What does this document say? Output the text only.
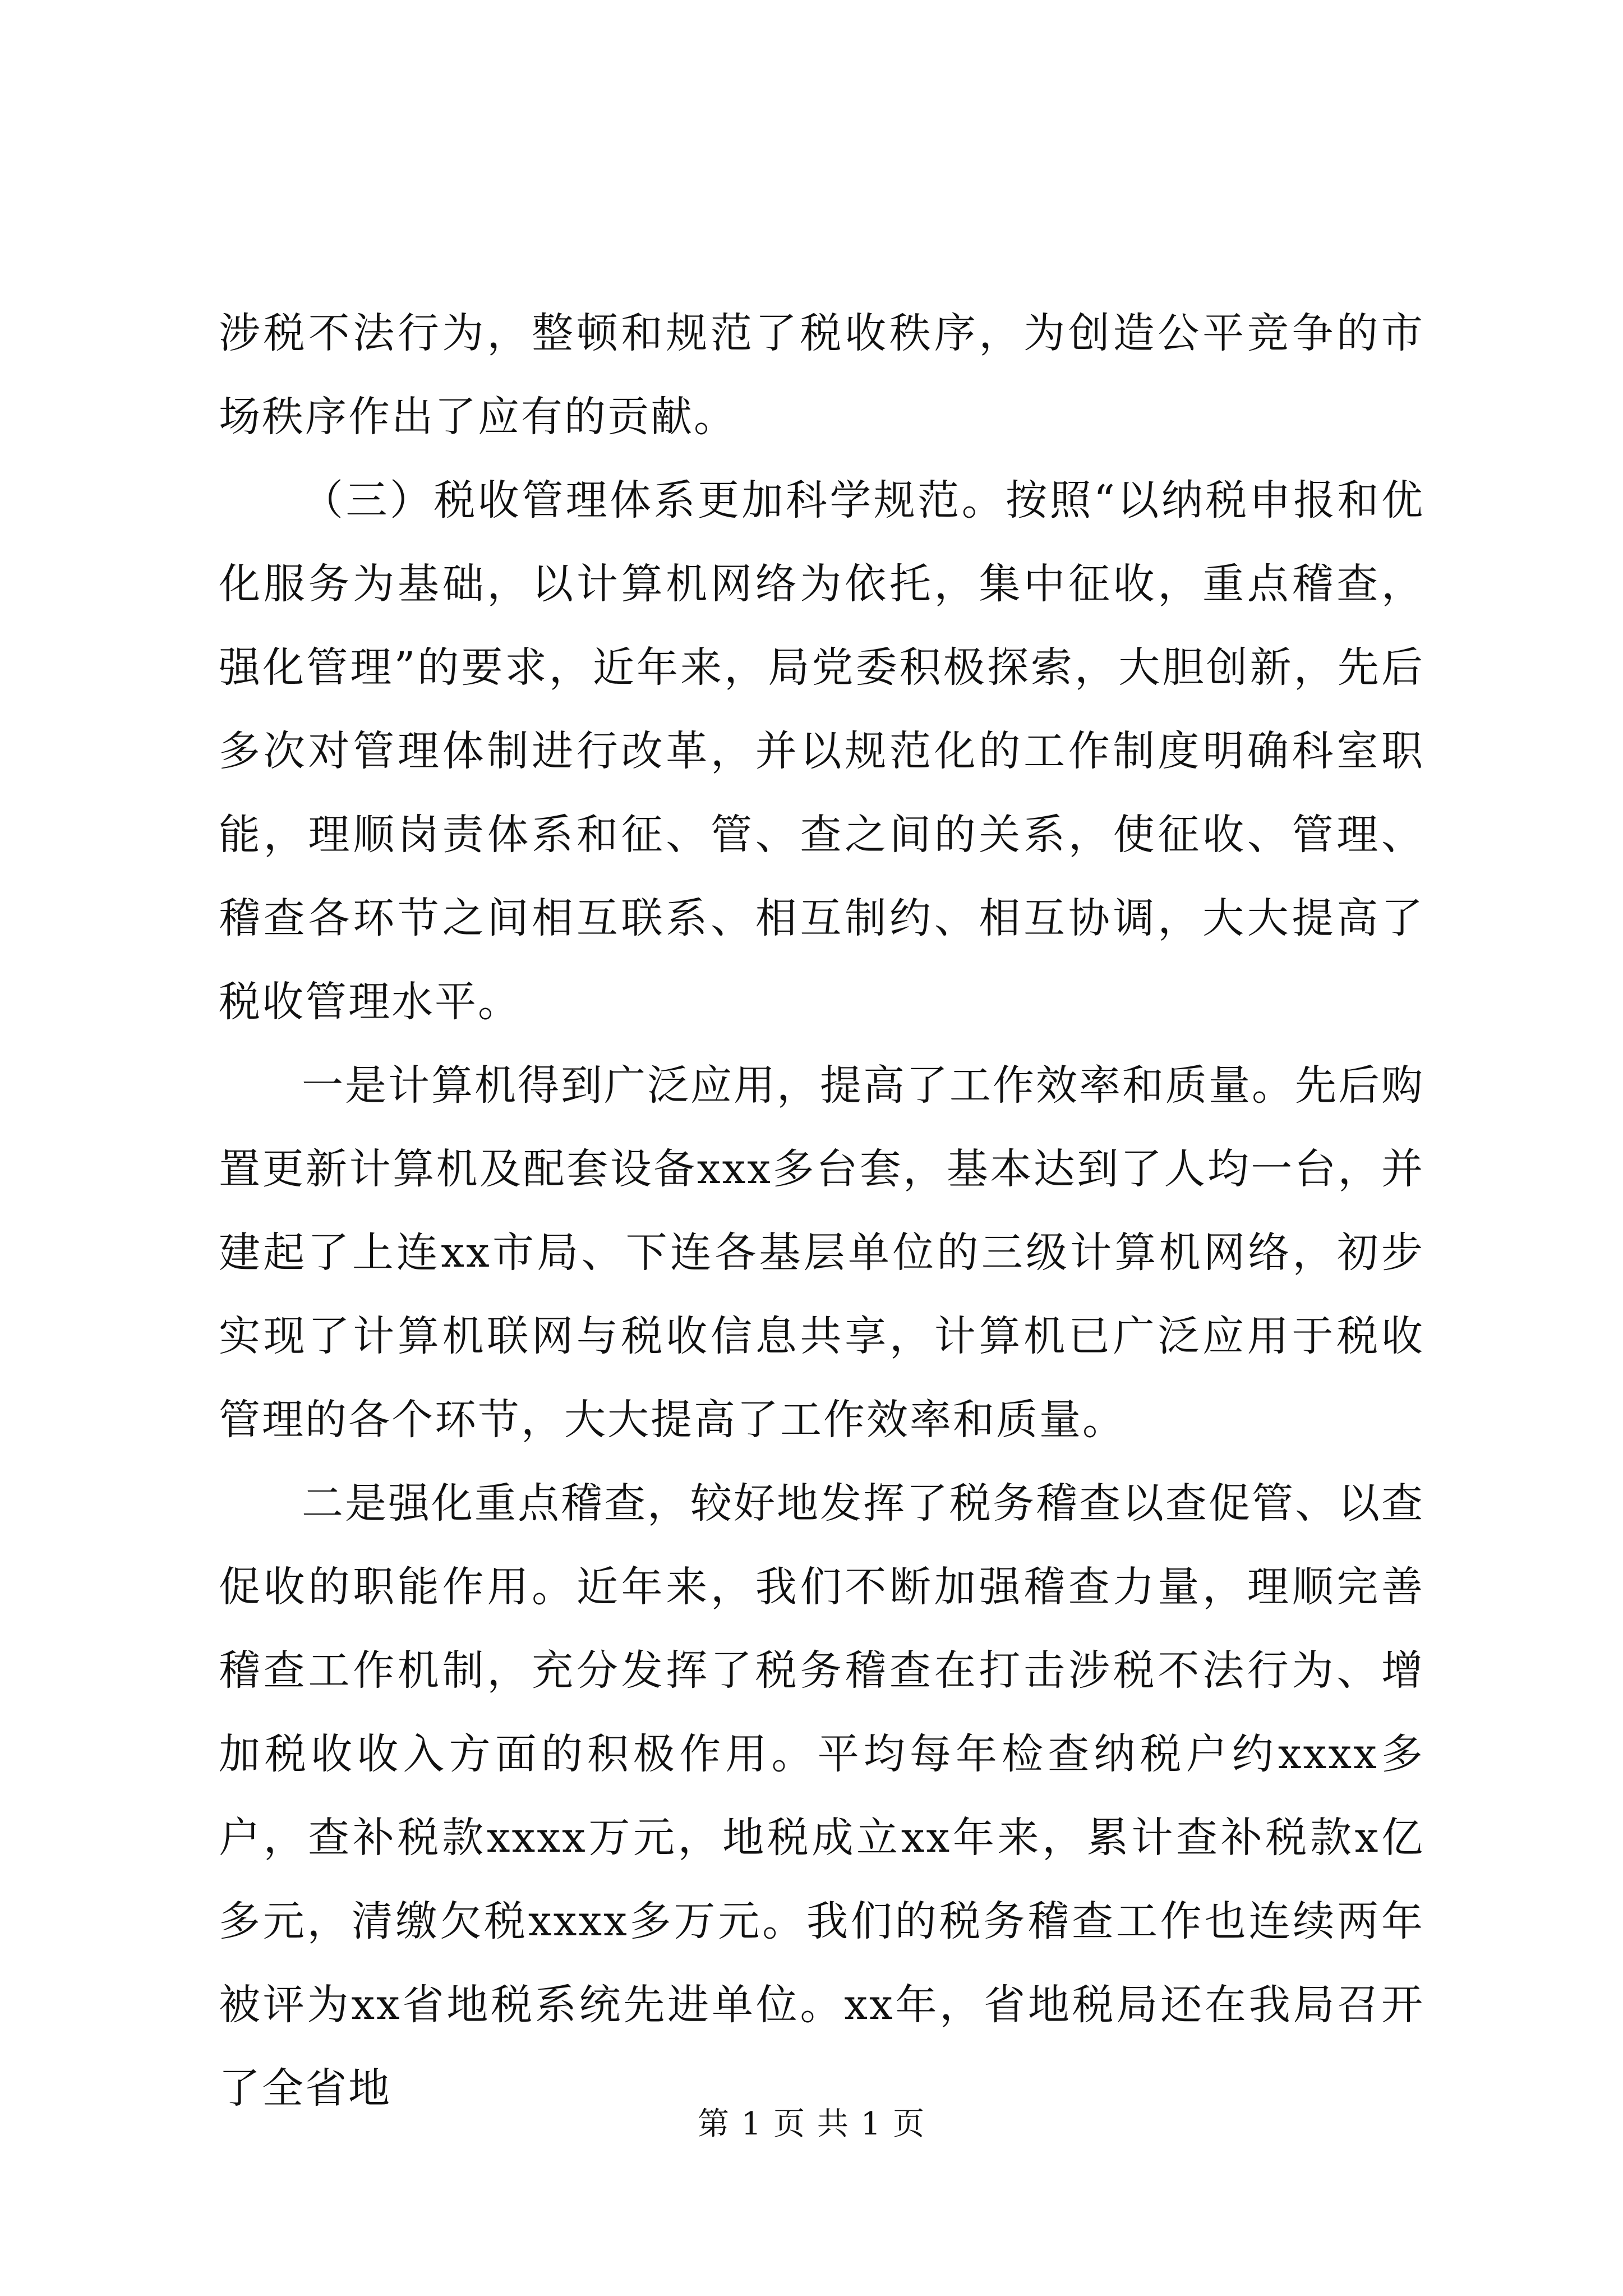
涉税不法行为，整顿和规范了税收秩序，为创造公平竞争的市场秩序作出了应有的贡献。

（三）税收管理体系更加科学规范。按照“以纳税申报和优化服务为基础，以计算机网络为依托，集中征收，重点稽查，强化管理”的要求，近年来，局党委积极探索，大胆创新，先后多次对管理体制进行改革，并以规范化的工作制度明确科室职能，理顺岗责体系和征、管、查之间的关系，使征收、管理、稽查各环节之间相互联系、相互制约、相互协调，大大提高了税收管理水平。

一是计算机得到广泛应用，提高了工作效率和质量。先后购置更新计算机及配套设备xxx多台套，基本达到了人均一台，并建起了上连xx市局、下连各基层单位的三级计算机网络，初步实现了计算机联网与税收信息共享，计算机已广泛应用于税收管理的各个环节，大大提高了工作效率和质量。

二是强化重点稽查，较好地发挥了税务稽查以查促管、以查促收的职能作用。近年来，我们不断加强稽查力量，理顺完善稽查工作机制，充分发挥了税务稽查在打击涉税不法行为、增加税收收入方面的积极作用。平均每年检查纳税户约xxxx多户，查补税款xxxx万元，地税成立xx年来，累计查补税款x亿多元，清缴欠税xxxx多万元。我们的税务稽查工作也连续两年被评为xx省地税系统先进单位。xx年，省地税局还在我局召开了全省地

第 1 页 共 1 页
